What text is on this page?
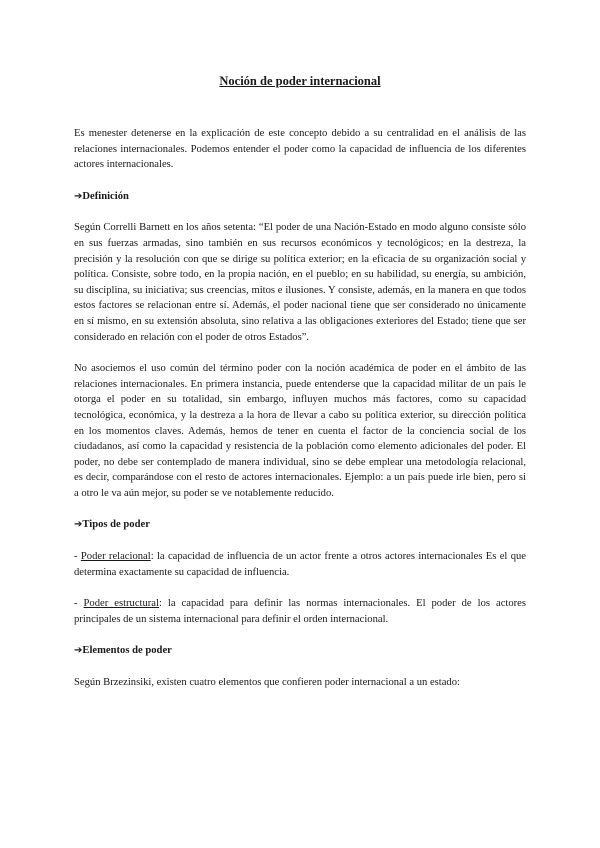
Noción de poder internacional

Es menester detenerse en la explicación de este concepto debido a su centralidad en el análisis de las relaciones internacionales. Podemos entender el poder como la capacidad de influencia de los diferentes actores internacionales.

➔Definición

Según Correlli Barnett en los años setenta: “El poder de una Nación-Estado en modo alguno consiste sólo en sus fuerzas armadas, sino también en sus recursos económicos y tecnológicos; en la destreza, la precisión y la resolución con que se dirige su política exterior; en la eficacia de su organización social y política. Consiste, sobre todo, en la propia nación, en el pueblo; en su habilidad, su energía, su ambición, su disciplina, su iniciativa; sus creencias, mitos e ilusiones. Y consiste, además, en la manera en que todos estos factores se relacionan entre sí. Además, el poder nacional tiene que ser considerado no únicamente en sí mismo, en su extensión absoluta, sino relativa a las obligaciones exteriores del Estado; tiene que ser considerado en relación con el poder de otros Estados”.

No asociemos el uso común del término poder con la noción académica de poder en el ámbito de las relaciones internacionales. En primera instancia, puede entenderse que la capacidad militar de un país le otorga el poder en su totalidad, sin embargo, influyen muchos más factores, como su capacidad tecnológica, económica, y la destreza a la hora de llevar a cabo su política exterior, su dirección política en los momentos claves. Además, hemos de tener en cuenta el factor de la conciencia social de los ciudadanos, así como la capacidad y resistencia de la población como elemento adicionales del poder. El poder, no debe ser contemplado de manera individual, sino se debe emplear una metodología relacional, es decir, comparándose con el resto de actores internacionales. Ejemplo: a un país puede irle bien, pero si a otro le va aún mejor, su poder se ve notablemente reducido.

➔Tipos de poder

- Poder relacional: la capacidad de influencia de un actor frente a otros actores internacionales Es el que determina exactamente su capacidad de influencia.

- Poder estructural: la capacidad para definir las normas internacionales. El poder de los actores principales de un sistema internacional para definir el orden internacional.

➔Elementos de poder

Según Brzezinsiki, existen cuatro elementos que confieren poder internacional a un estado:
